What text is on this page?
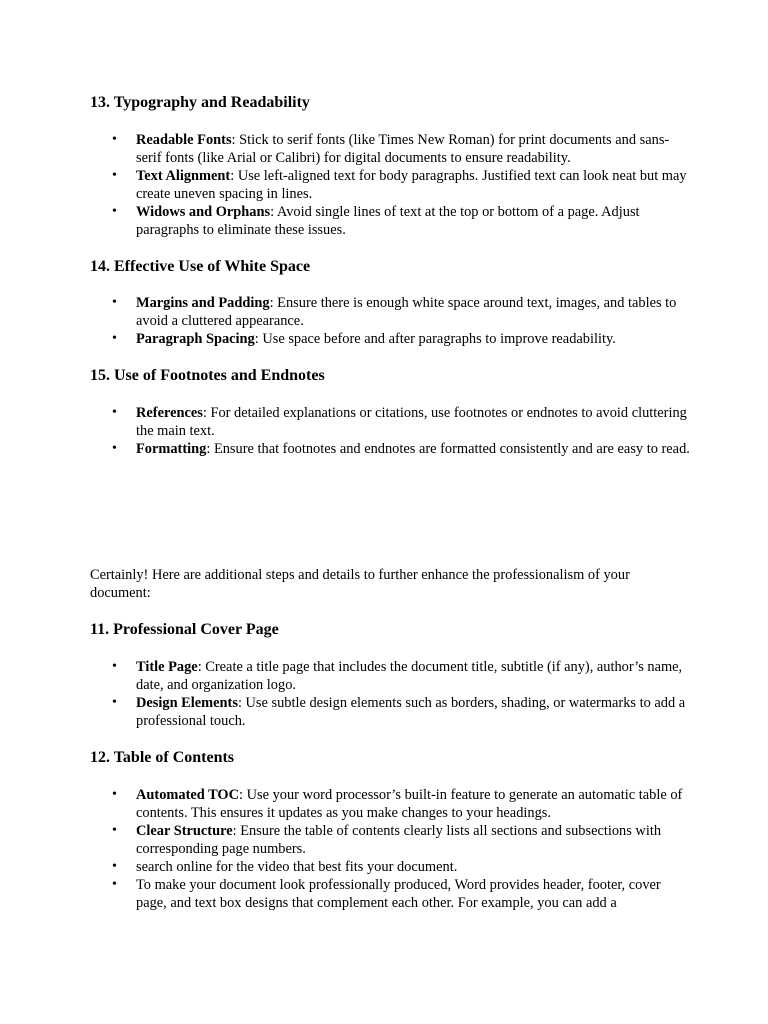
13. Typography and Readability
• Readable Fonts: Stick to serif fonts (like Times New Roman) for print documents and sans-serif fonts (like Arial or Calibri) for digital documents to ensure readability.
• Text Alignment: Use left-aligned text for body paragraphs. Justified text can look neat but may create uneven spacing in lines.
• Widows and Orphans: Avoid single lines of text at the top or bottom of a page. Adjust paragraphs to eliminate these issues.
14. Effective Use of White Space
• Margins and Padding: Ensure there is enough white space around text, images, and tables to avoid a cluttered appearance.
• Paragraph Spacing: Use space before and after paragraphs to improve readability.
15. Use of Footnotes and Endnotes
• References: For detailed explanations or citations, use footnotes or endnotes to avoid cluttering the main text.
• Formatting: Ensure that footnotes and endnotes are formatted consistently and are easy to read.

Certainly! Here are additional steps and details to further enhance the professionalism of your document:

11. Professional Cover Page
• Title Page: Create a title page that includes the document title, subtitle (if any), author’s name, date, and organization logo.
• Design Elements: Use subtle design elements such as borders, shading, or watermarks to add a professional touch.
12. Table of Contents
• Automated TOC: Use your word processor’s built-in feature to generate an automatic table of contents. This ensures it updates as you make changes to your headings.
• Clear Structure: Ensure the table of contents clearly lists all sections and subsections with corresponding page numbers.
• search online for the video that best fits your document.
• To make your document look professionally produced, Word provides header, footer, cover page, and text box designs that complement each other. For example, you can add a
